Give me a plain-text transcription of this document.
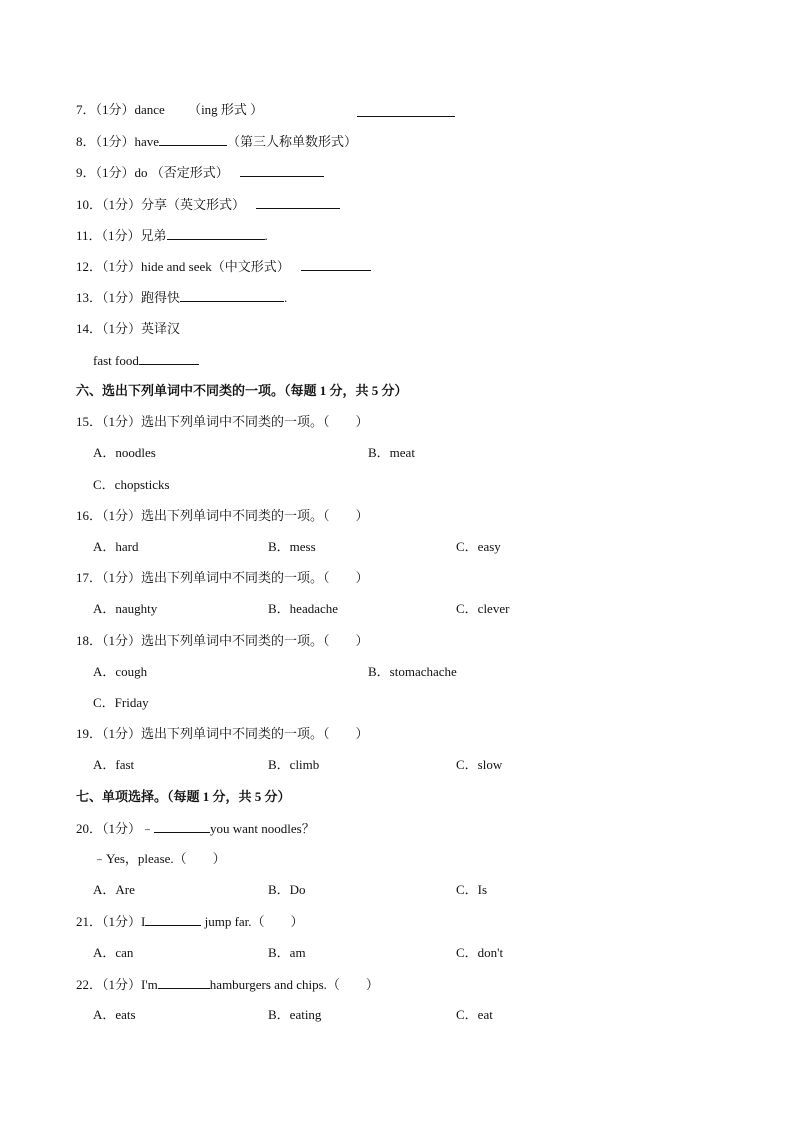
7．（1分）dance （ing 形式 ）
8．（1分）have	（第三人称单数形式）
9．（1分）do （否定形式）
10．（1分）分享（英文形式）
11．（1分）兄弟	.
12．（1分）hide and seek（中文形式）
13．（1分）跑得快	.
14．（1分）英译汉
fast food
六、选出下列单词中不同类的一项。（每题 1 分，共 5 分）
15．（1分）选出下列单词中不同类的一项。（　　）
A．noodles	B．meat
C．chopsticks
16．（1分）选出下列单词中不同类的一项。（　　）
A．hard	B．mess	C．easy
17．（1分）选出下列单词中不同类的一项。（　　）
A．naughty	B．headache	C．clever
18．（1分）选出下列单词中不同类的一项。（　　）
A．cough	B．stomachache
C．Friday
19．（1分）选出下列单词中不同类的一项。（　　）
A．fast	B．climb	C．slow
七、单项选择。（每题 1 分，共 5 分）
20．（1分）﹣	you want noodles？
﹣Yes，please.（　　）
A．Are	B．Do	C．Is
21．（1分）I	jump far.（　　）
A．can	B．am	C．don't
22．（1分）I'm	hamburgers and chips.（　　）
A．eats	B．eating	C．eat
